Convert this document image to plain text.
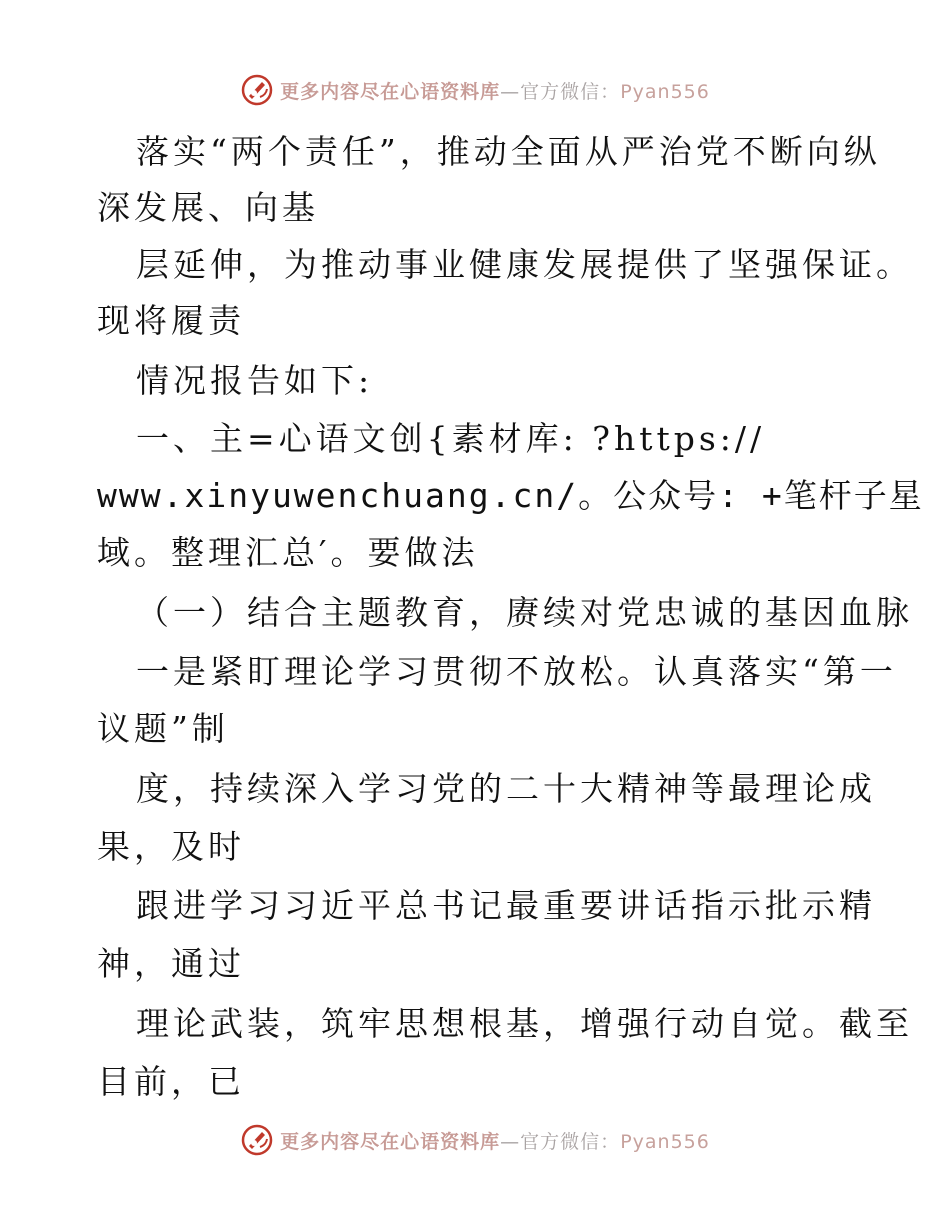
更多内容尽在心语资料库—官方微信：Pyan556
落实“两个责任”，推动全面从严治党不断向纵
深发展、向基
层延伸，为推动事业健康发展提供了坚强保证。
现将履责
情况报告如下:
一、主=心语文创{素材库: ?https://
www.xinyuwenchuang.cn/。公众号: +笔杆子星
域。整理汇总′。要做法
（一）结合主题教育，赓续对党忠诚的基因血脉
一是紧盯理论学习贯彻不放松。认真落实“第一
议题”制
度，持续深入学习党的二十大精神等最理论成
果，及时
跟进学习习近平总书记最重要讲话指示批示精
神，通过
理论武装，筑牢思想根基，增强行动自觉。截至
目前，已
更多内容尽在心语资料库—官方微信：Pyan556
